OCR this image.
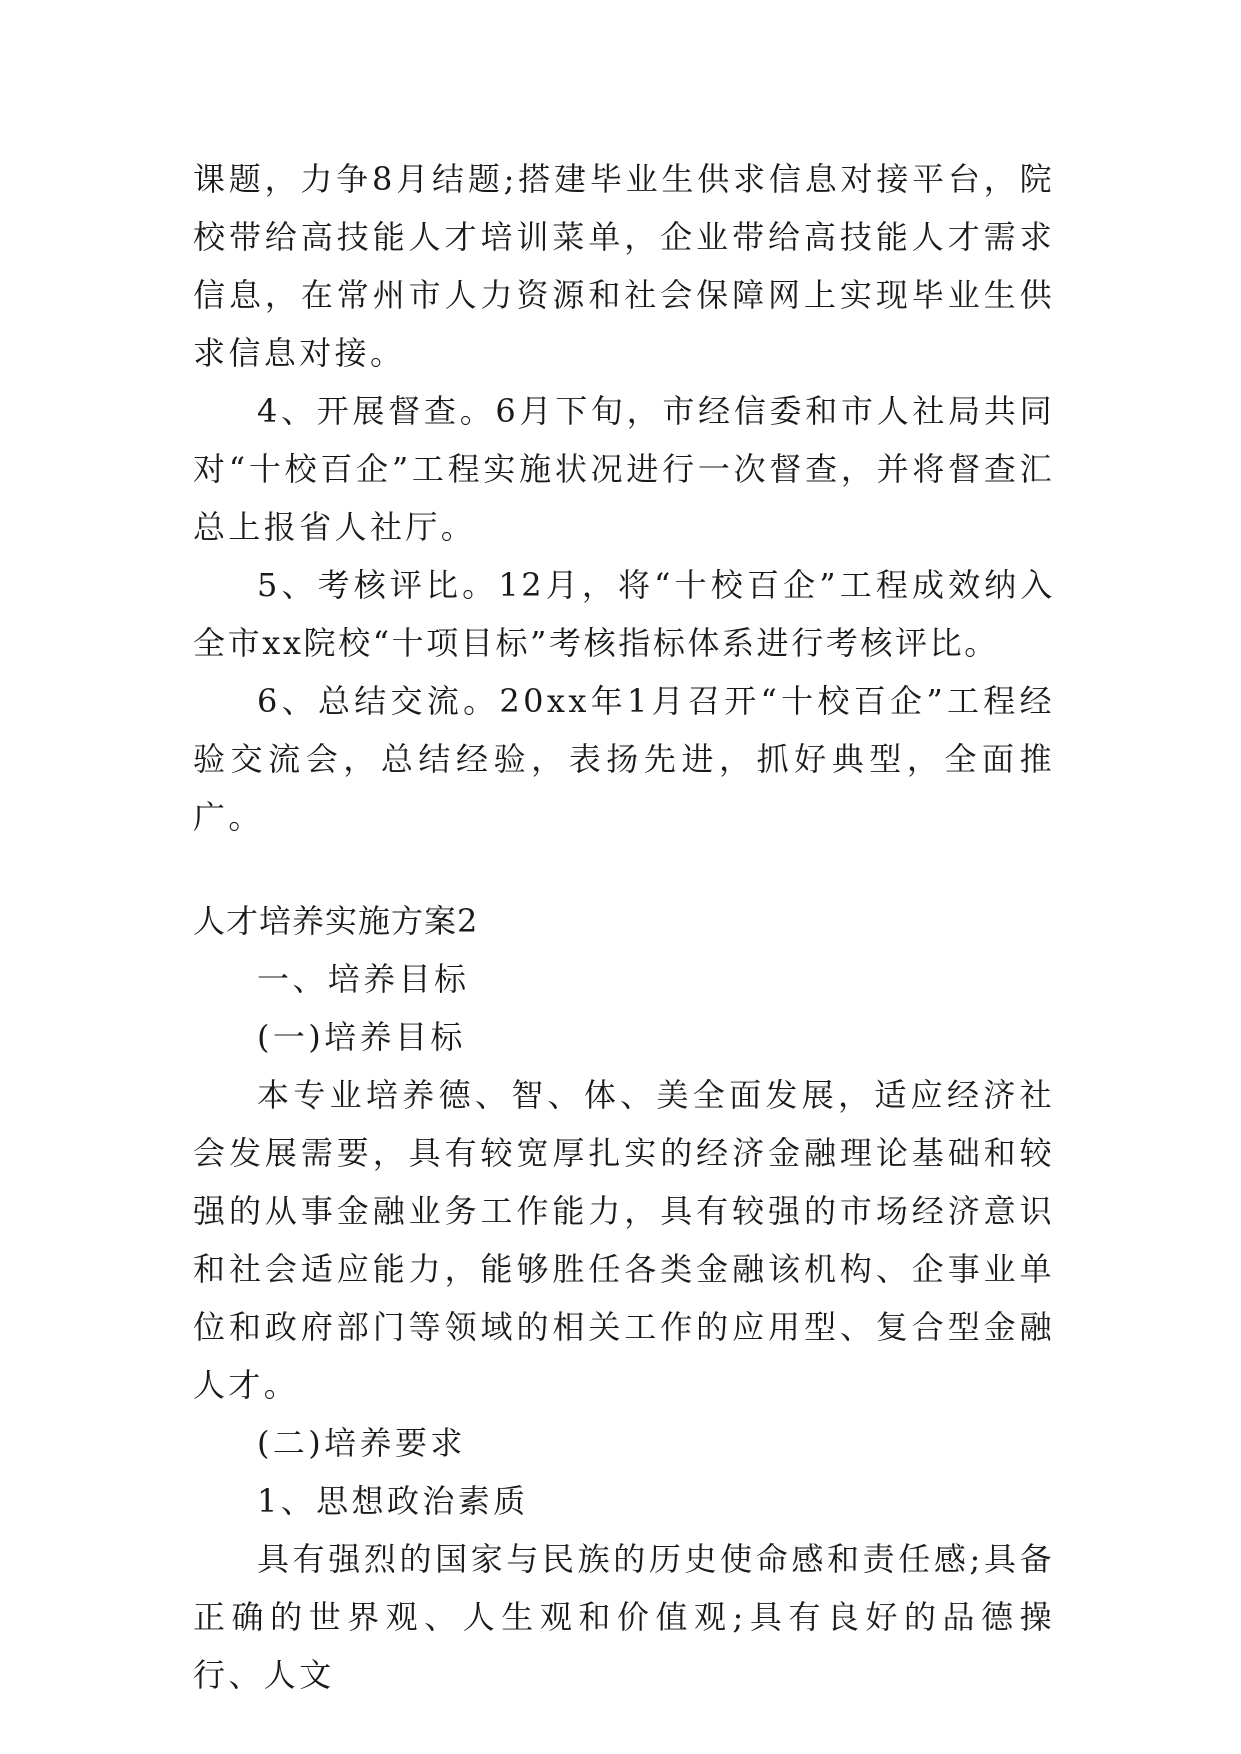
课题，力争8月结题;搭建毕业生供求信息对接平台，院校带给高技能人才培训菜单，企业带给高技能人才需求信息，在常州市人力资源和社会保障网上实现毕业生供求信息对接。

4、开展督查。6月下旬，市经信委和市人社局共同对“十校百企”工程实施状况进行一次督查，并将督查汇总上报省人社厅。

5、考核评比。12月，将“十校百企”工程成效纳入全市xx院校“十项目标”考核指标体系进行考核评比。

6、总结交流。20xx年1月召开“十校百企”工程经验交流会，总结经验，表扬先进，抓好典型，全面推广。

人才培养实施方案2

一、培养目标

(一)培养目标

本专业培养德、智、体、美全面发展，适应经济社会发展需要，具有较宽厚扎实的经济金融理论基础和较强的从事金融业务工作能力，具有较强的市场经济意识和社会适应能力，能够胜任各类金融该机构、企事业单位和政府部门等领域的相关工作的应用型、复合型金融人才。

(二)培养要求

1、思想政治素质

具有强烈的国家与民族的历史使命感和责任感;具备正确的世界观、人生观和价值观;具有良好的品德操行、人文
